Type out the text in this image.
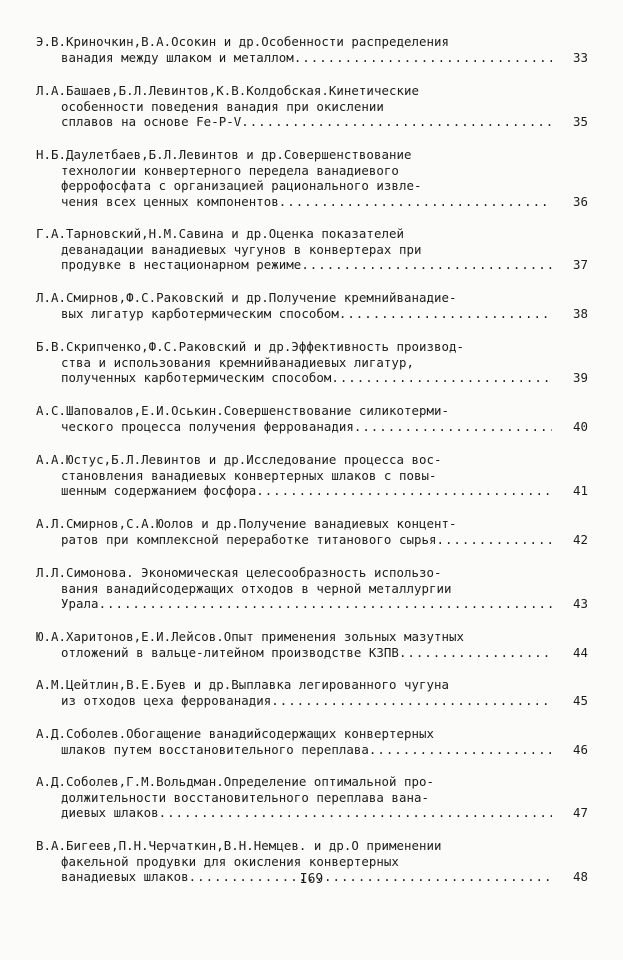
Э.В.Криночкин,В.А.Осокин и др.Особенности распределения
ванадия между шлаком и металлом .....	33
Л.А.Башаев,Б.Л.Левинтов,К.В.Колдобская.Кинетические
особенности поведения ванадия при окислении
сплавов на основе Fe-P-V .....	35
Н.Б.Даулетбаев,Б.Л.Левинтов и др.Совершенствование
технологии конвертерного передела ванадиевого
феррофосфата с организацией рационального извле-
чения всех ценных компонентов .....	36
Г.А.Тарновский,Н.М.Савина и др.Оценка показателей
деванадации ванадиевых чугунов в конвертерах при
продувке в нестационарном режиме .....	37
Л.А.Смирнов,Ф.С.Раковский и др.Получение кремнийванадие-
вых лигатур карботермическим способом .....	38
Б.В.Скрипченко,Ф.С.Раковский и др.Эффективность производ-
ства и использования кремнийванадиевых лигатур,
полученных карботермическим способом .....	39
А.С.Шаповалов,Е.И.Оськин.Совершенствование силикотерми-
ческого процесса получения феррованадия .....	40
А.А.Юстус,Б.Л.Левинтов и др.Исследование процесса вос-
становления ванадиевых конвертерных шлаков с повы-
шенным содержанием фосфора .....	41
А.Л.Смирнов,С.А.Юолов и др.Получение ванадиевых концент-
ратов при комплексной переработке титанового сырья .....	42
Л.Л.Симонова. Экономическая целесообразность использо-
вания ванадийсодержащих отходов в черной металлургии
Урала .....	43
Ю.А.Харитонов,Е.И.Лейсов.Опыт применения зольных мазутных
отложений в вальце-литейном производстве КЗПВ .....	44
А.М.Цейтлин,В.Е.Буев и др.Выплавка легированного чугуна
из отходов цеха феррованадия .....	45
А.Д.Соболев.Обогащение ванадийсодержащих конвертерных
шлаков путем восстановительного переплава .....	46
А.Д.Соболев,Г.М.Вольдман.Определение оптимальной про-
должительности восстановительного переплава вана-
диевых шлаков .....	47
В.А.Бигеев,П.Н.Черчаткин,В.Н.Немцев. и др.О применении
факельной продувки для окисления конвертерных
ванадиевых шлаков .....	48
I69
